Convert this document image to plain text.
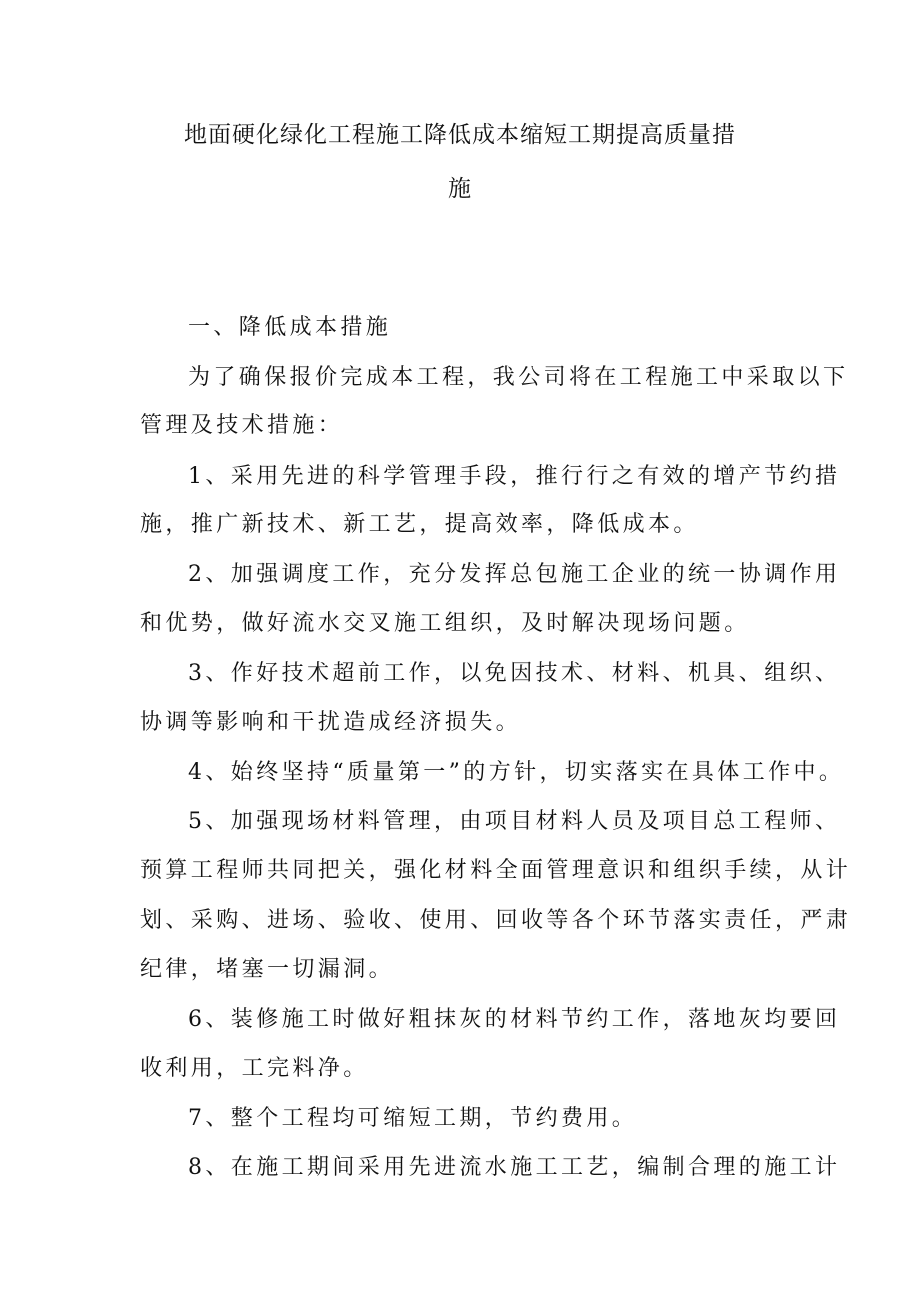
地面硬化绿化工程施工降低成本缩短工期提高质量措
施
一、降低成本措施
为了确保报价完成本工程，我公司将在工程施工中采取以下
管理及技术措施：
1、采用先进的科学管理手段，推行行之有效的增产节约措
施，推广新技术、新工艺，提高效率，降低成本。
2、加强调度工作，充分发挥总包施工企业的统一协调作用
和优势，做好流水交叉施工组织，及时解决现场问题。
3、作好技术超前工作，以免因技术、材料、机具、组织、
协调等影响和干扰造成经济损失。
4、始终坚持“质量第一”的方针，切实落实在具体工作中。
5、加强现场材料管理，由项目材料人员及项目总工程师、
预算工程师共同把关，强化材料全面管理意识和组织手续，从计
划、采购、进场、验收、使用、回收等各个环节落实责任，严肃
纪律，堵塞一切漏洞。
6、装修施工时做好粗抹灰的材料节约工作，落地灰均要回
收利用，工完料净。
7、整个工程均可缩短工期，节约费用。
8、在施工期间采用先进流水施工工艺，编制合理的施工计
